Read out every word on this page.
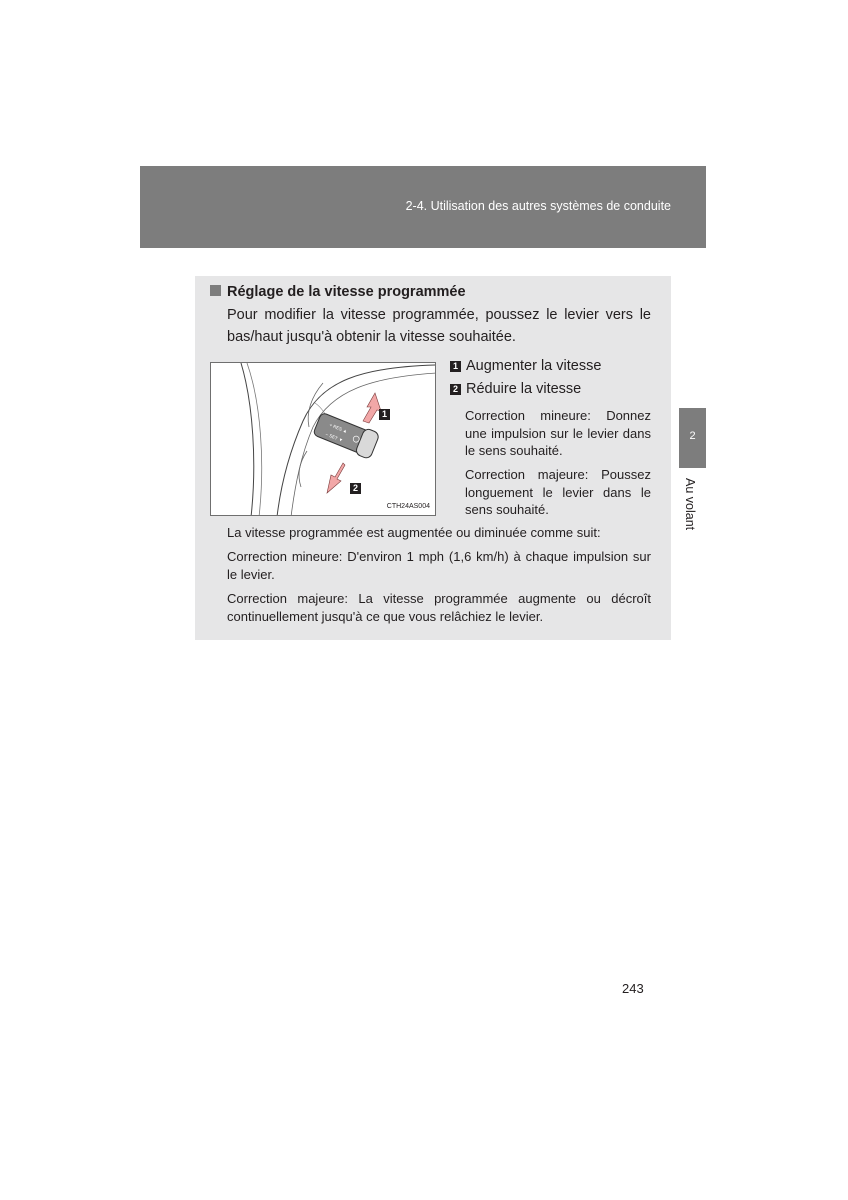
2-4. Utilisation des autres systèmes de conduite
2
Au volant
Réglage de la vitesse programmée
Pour modifier la vitesse programmée, poussez le levier vers le bas/haut jusqu'à obtenir la vitesse souhaitée.
+ RES ▲
– SET ▼
1
2
CTH24AS004
1 Augmenter la vitesse
2 Réduire la vitesse
Correction mineure: Donnez une impulsion sur le levier dans le sens souhaité.
Correction majeure: Poussez longuement le levier dans le sens souhaité.
La vitesse programmée est augmentée ou diminuée comme suit:
Correction mineure: D'environ 1 mph (1,6 km/h) à chaque impulsion sur le levier.
Correction majeure: La vitesse programmée augmente ou décroît continuellement jusqu'à ce que vous relâchiez le levier.
243
